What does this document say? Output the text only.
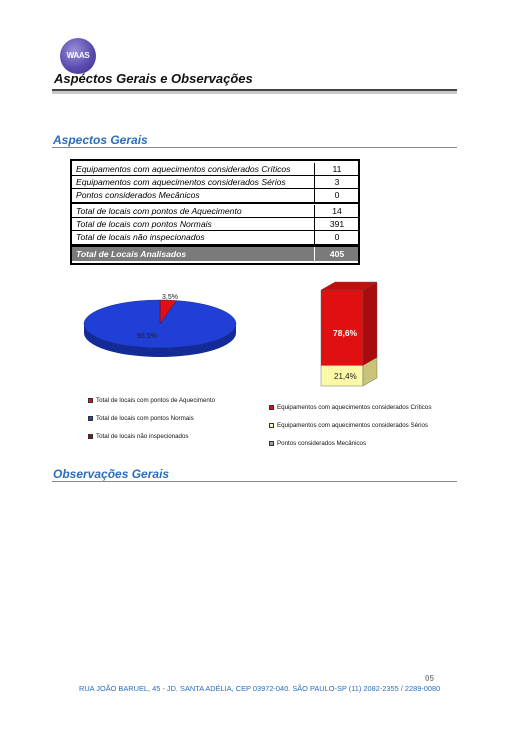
WAAS
Aspéctos Gerais e Observações
Aspectos Gerais
Equipamentos com aquecimentos considerados Críticos	11
Equipamentos com aquecimentos considerados Sérios	3
Pontos considerados Mecânicos	0
Total de locais com pontos de Aquecimento	14
Total de locais com pontos Normais	391
Total de locais não inspecionados	0
Total de Locais Analisados	405
3,5%
96,5%
Total de locais com pontos de Aquecimento
Total de locais com pontos Normais
Total de locais não inspecionados
78,6%
21,4%
Equipamentos com aquecimentos considerados Críticos
Equipamentos com aquecimentos considerados Sérios
Pontos considerados Mecânicos
Observações Gerais
05
RUA JOÃO BARUEL, 45 - JD. SANTA ADÉLIA, CEP 03972-040. SÃO PAULO-SP (11) 2082-2355 / 2289-0080
